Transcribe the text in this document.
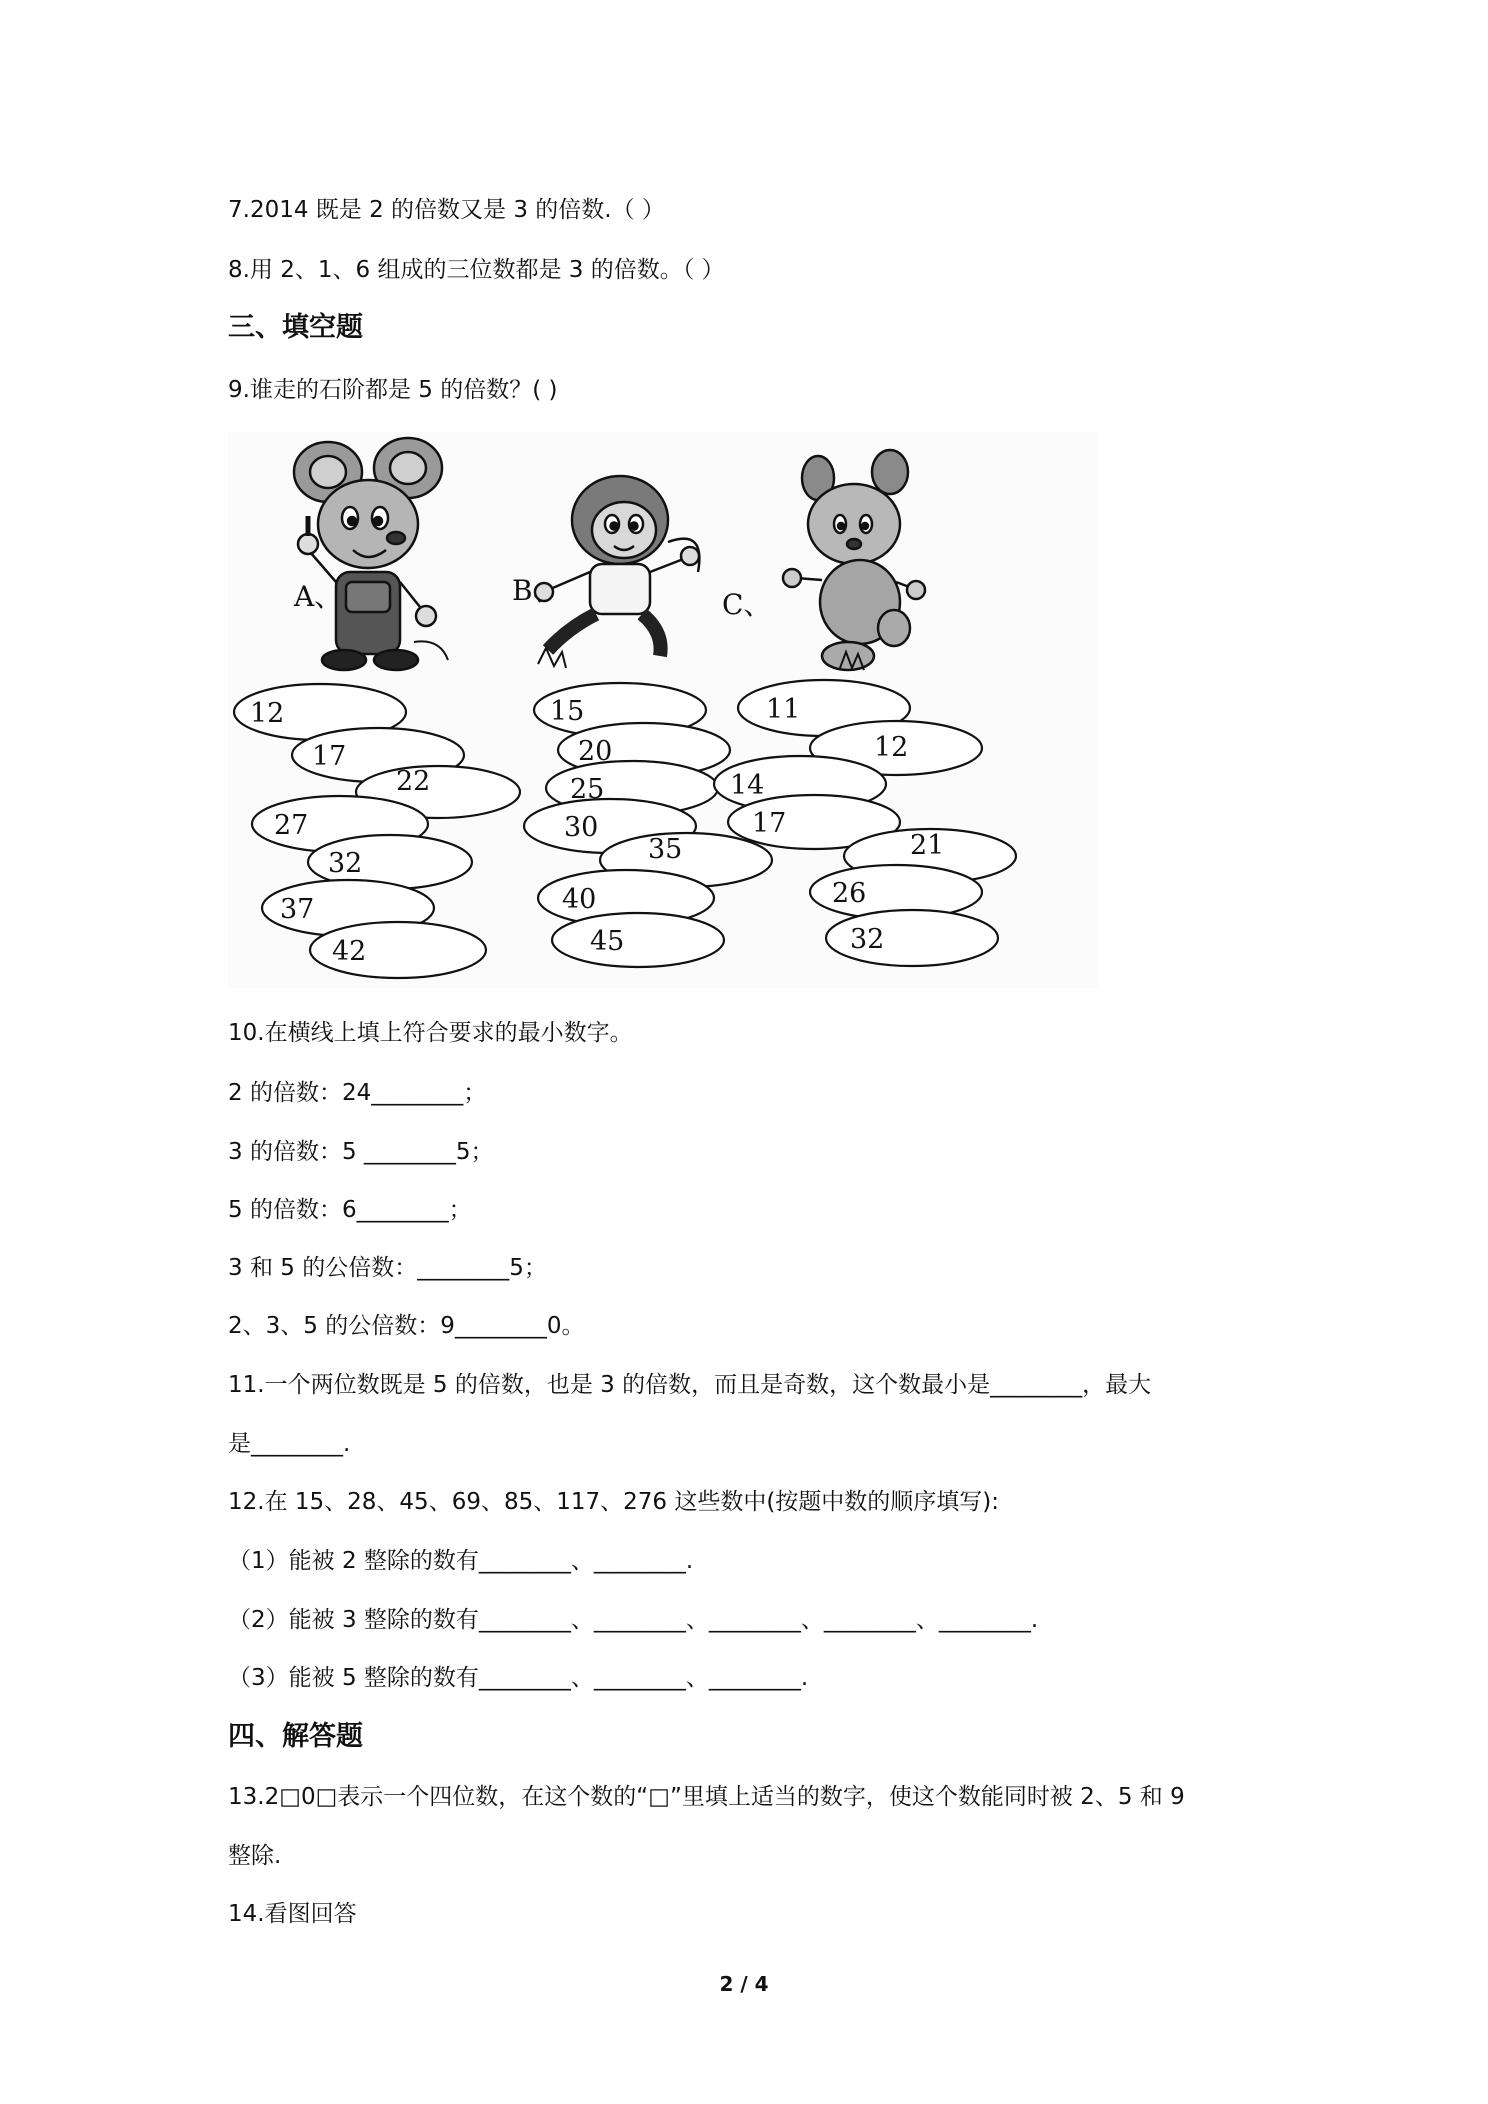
7.2014 既是 2 的倍数又是 3 的倍数.（ ）
8.用 2、1、6 组成的三位数都是 3 的倍数。（ ）
三、填空题
9.谁走的石阶都是 5 的倍数？( )
A、	B、	C、
12
17
22
27
32
37
42
15
20
25
30
35
40
45
11
12
14
17
21
26
32
10.在横线上填上符合要求的最小数字。
2 的倍数：24________；
3 的倍数：5 ________5；
5 的倍数：6________；
3 和 5 的公倍数：________5；
2、3、5 的公倍数：9________0。
11.一个两位数既是 5 的倍数，也是 3 的倍数，而且是奇数，这个数最小是________，最大
是________.
12.在 15、28、45、69、85、117、276 这些数中(按题中数的顺序填写):
（1）能被 2 整除的数有________、________.
（2）能被 3 整除的数有________、________、________、________、________.
（3）能被 5 整除的数有________、________、________.
四、解答题
13.2□0□表示一个四位数，在这个数的“□”里填上适当的数字，使这个数能同时被 2、5 和 9
整除.
14.看图回答
2 / 4
